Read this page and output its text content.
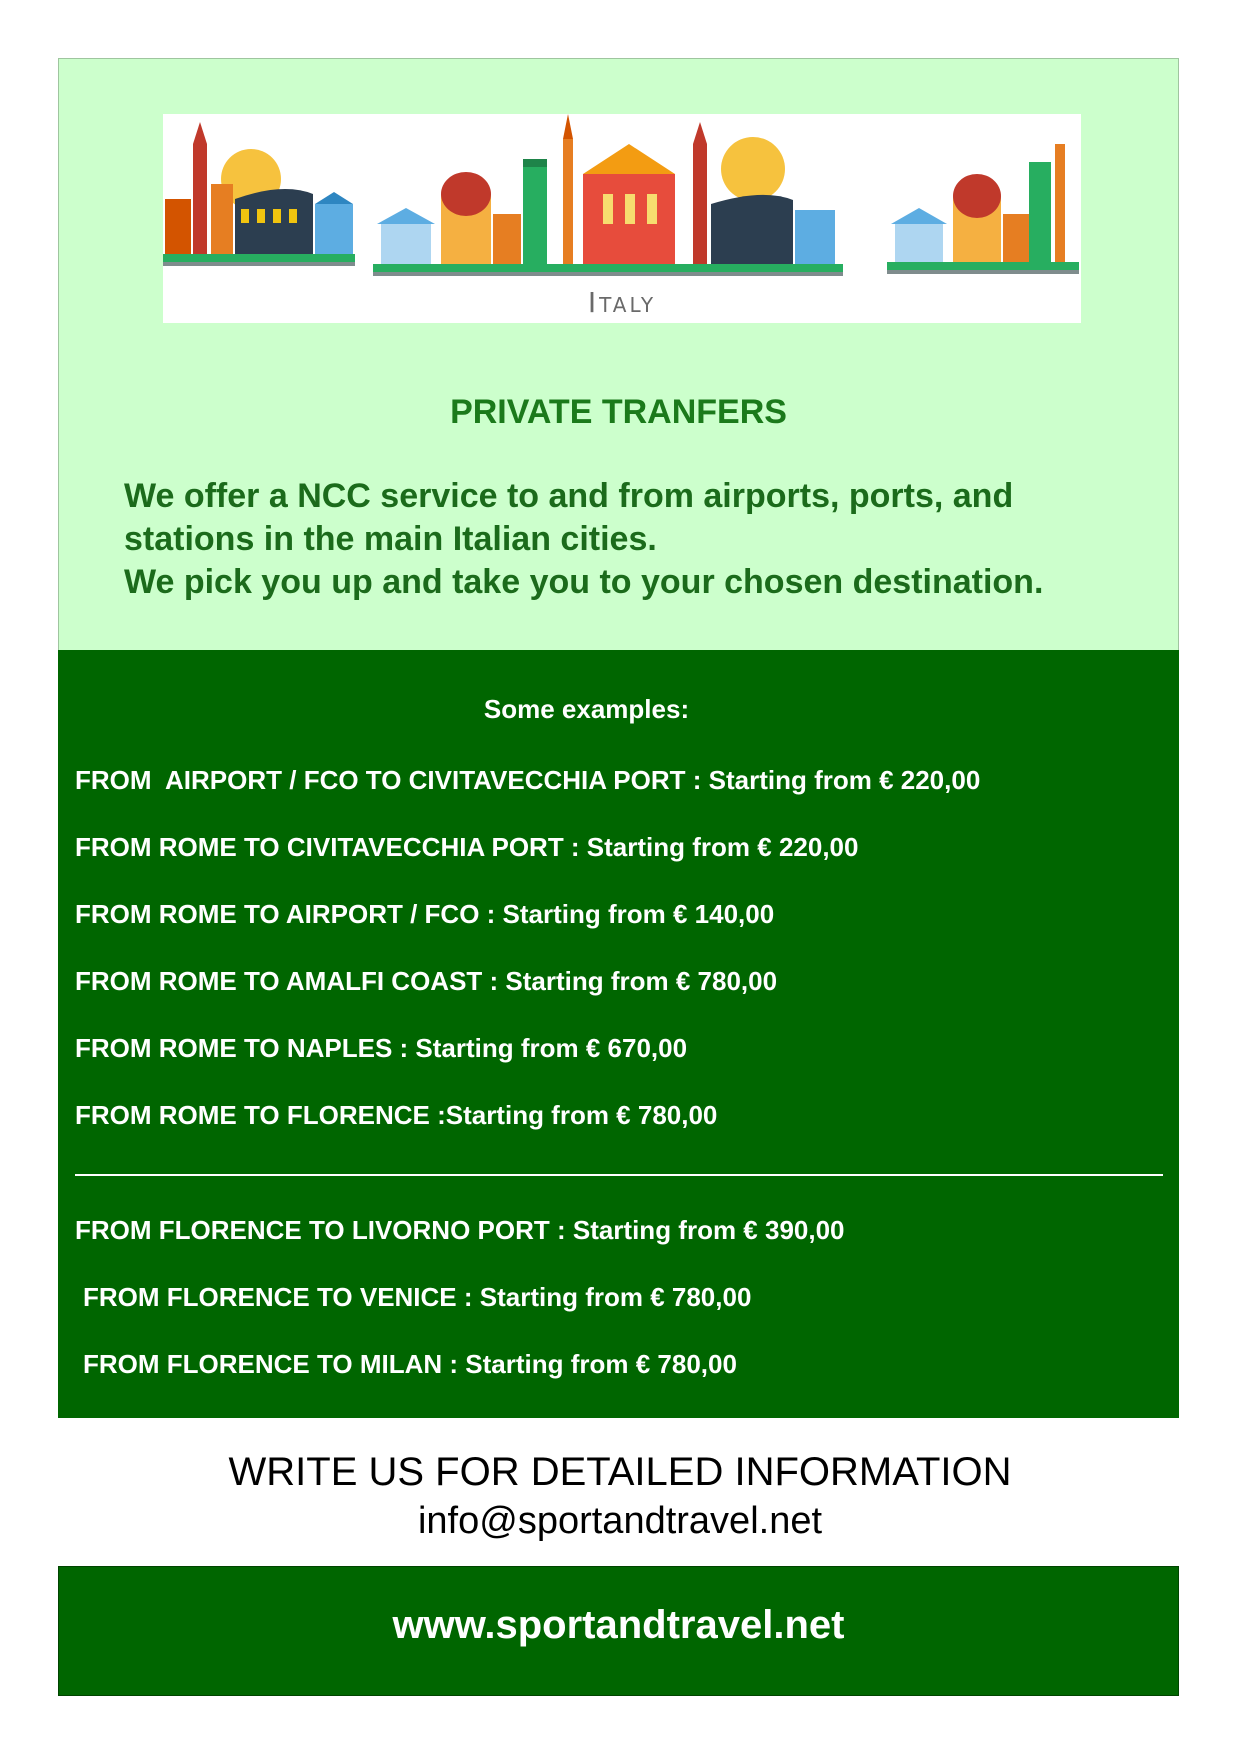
Italy
PRIVATE TRANFERS

We offer a NCC service to and from airports, ports, and

stations in the main Italian cities.

We pick you up and take you to your chosen destination.

Some examples:
FROM  AIRPORT / FCO TO CIVITAVECCHIA PORT : Starting from € 220,00
FROM ROME TO CIVITAVECCHIA PORT : Starting from € 220,00
FROM ROME TO AIRPORT / FCO : Starting from € 140,00
FROM ROME TO AMALFI COAST : Starting from € 780,00
FROM ROME TO NAPLES : Starting from € 670,00
FROM ROME TO FLORENCE :Starting from € 780,00
FROM FLORENCE TO LIVORNO PORT : Starting from € 390,00
FROM FLORENCE TO VENICE : Starting from € 780,00
FROM FLORENCE TO MILAN : Starting from € 780,00
WRITE US FOR DETAILED INFORMATION
info@sportandtravel.net
www.sportandtravel.net
